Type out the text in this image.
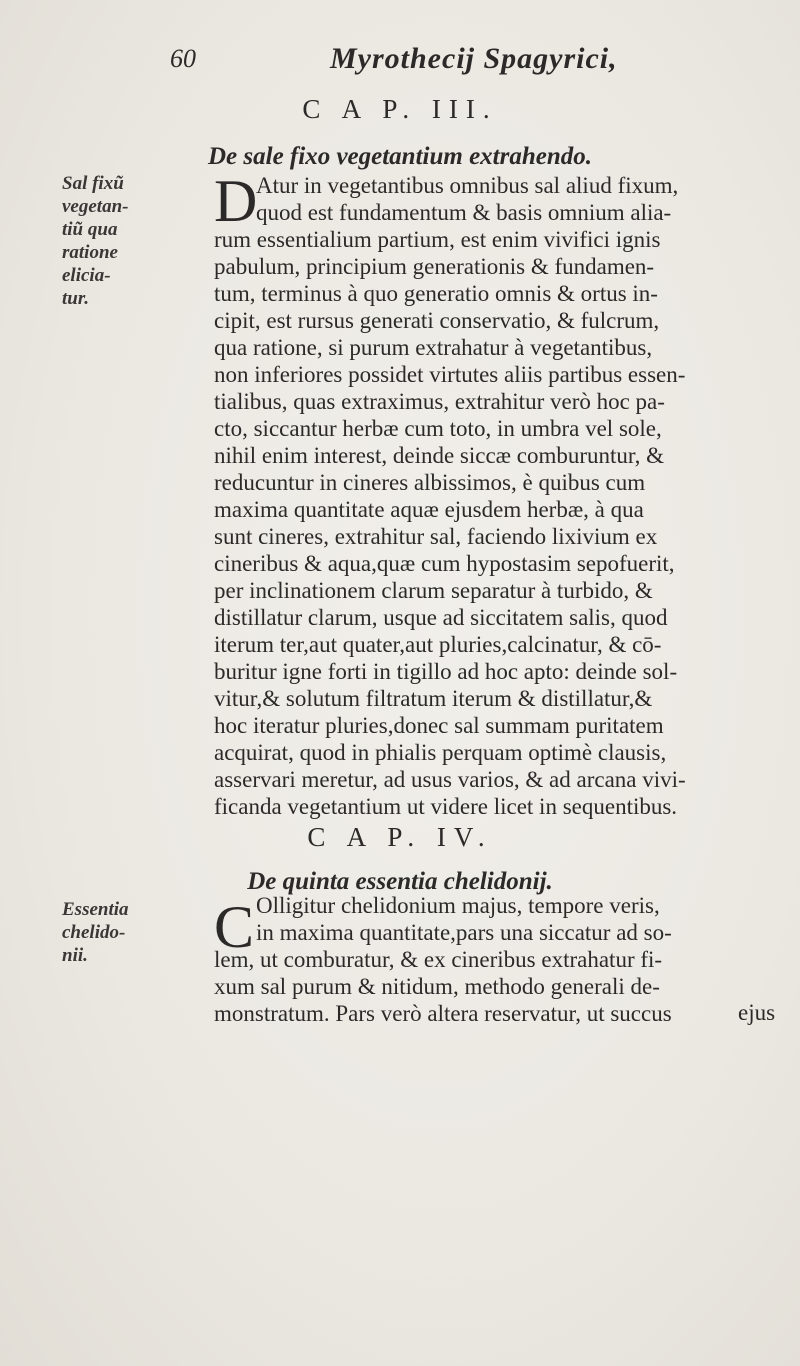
60	Myrothecij Spagyrici,
C A P. III.
De sale fixo vegetantium extrahendo.
Sal fixũ
vegetan-
tiũ qua
ratione
elicia-
tur.
D
Atur in vegetantibus omnibus sal aliud fixum,
quod est fundamentum & basis omnium alia-
rum essentialium partium, est enim vivifici ignis
pabulum, principium generationis & fundamen-
tum, terminus à quo generatio omnis & ortus in-
cipit, est rursus generati conservatio, & fulcrum,
qua ratione, si purum extrahatur à vegetantibus,
non inferiores possidet virtutes aliis partibus essen-
tialibus, quas extraximus, extrahitur verò hoc pa-
cto, siccantur herbæ cum toto, in umbra vel sole,
nihil enim interest, deinde siccæ comburuntur, &
reducuntur in cineres albissimos, è quibus cum
maxima quantitate aquæ ejusdem herbæ, à qua
sunt cineres, extrahitur sal, faciendo lixivium ex
cineribus & aqua,quæ cum hypostasim sepofuerit,
per inclinationem clarum separatur à turbido, &
distillatur clarum, usque ad siccitatem salis, quod
iterum ter,aut quater,aut pluries,calcinatur, & cō-
buritur igne forti in tigillo ad hoc apto: deinde sol-
vitur,& solutum filtratum iterum & distillatur,&
hoc iteratur pluries,donec sal summam puritatem
acquirat, quod in phialis perquam optimè clausis,
asservari meretur, ad usus varios, & ad arcana vivi-
ficanda vegetantium ut videre licet in sequentibus.
C A P. IV.
De quinta essentia chelidonij.
Essentia
chelido-
nii.	C Olligitur chelidonium majus, tempore veris,
in maxima quantitate,pars una siccatur ad so-
lem, ut comburatur, & ex cineribus extrahatur fi-
xum sal purum & nitidum, methodo generali de-
monstratum. Pars verò altera reservatur, ut succus	ejus
